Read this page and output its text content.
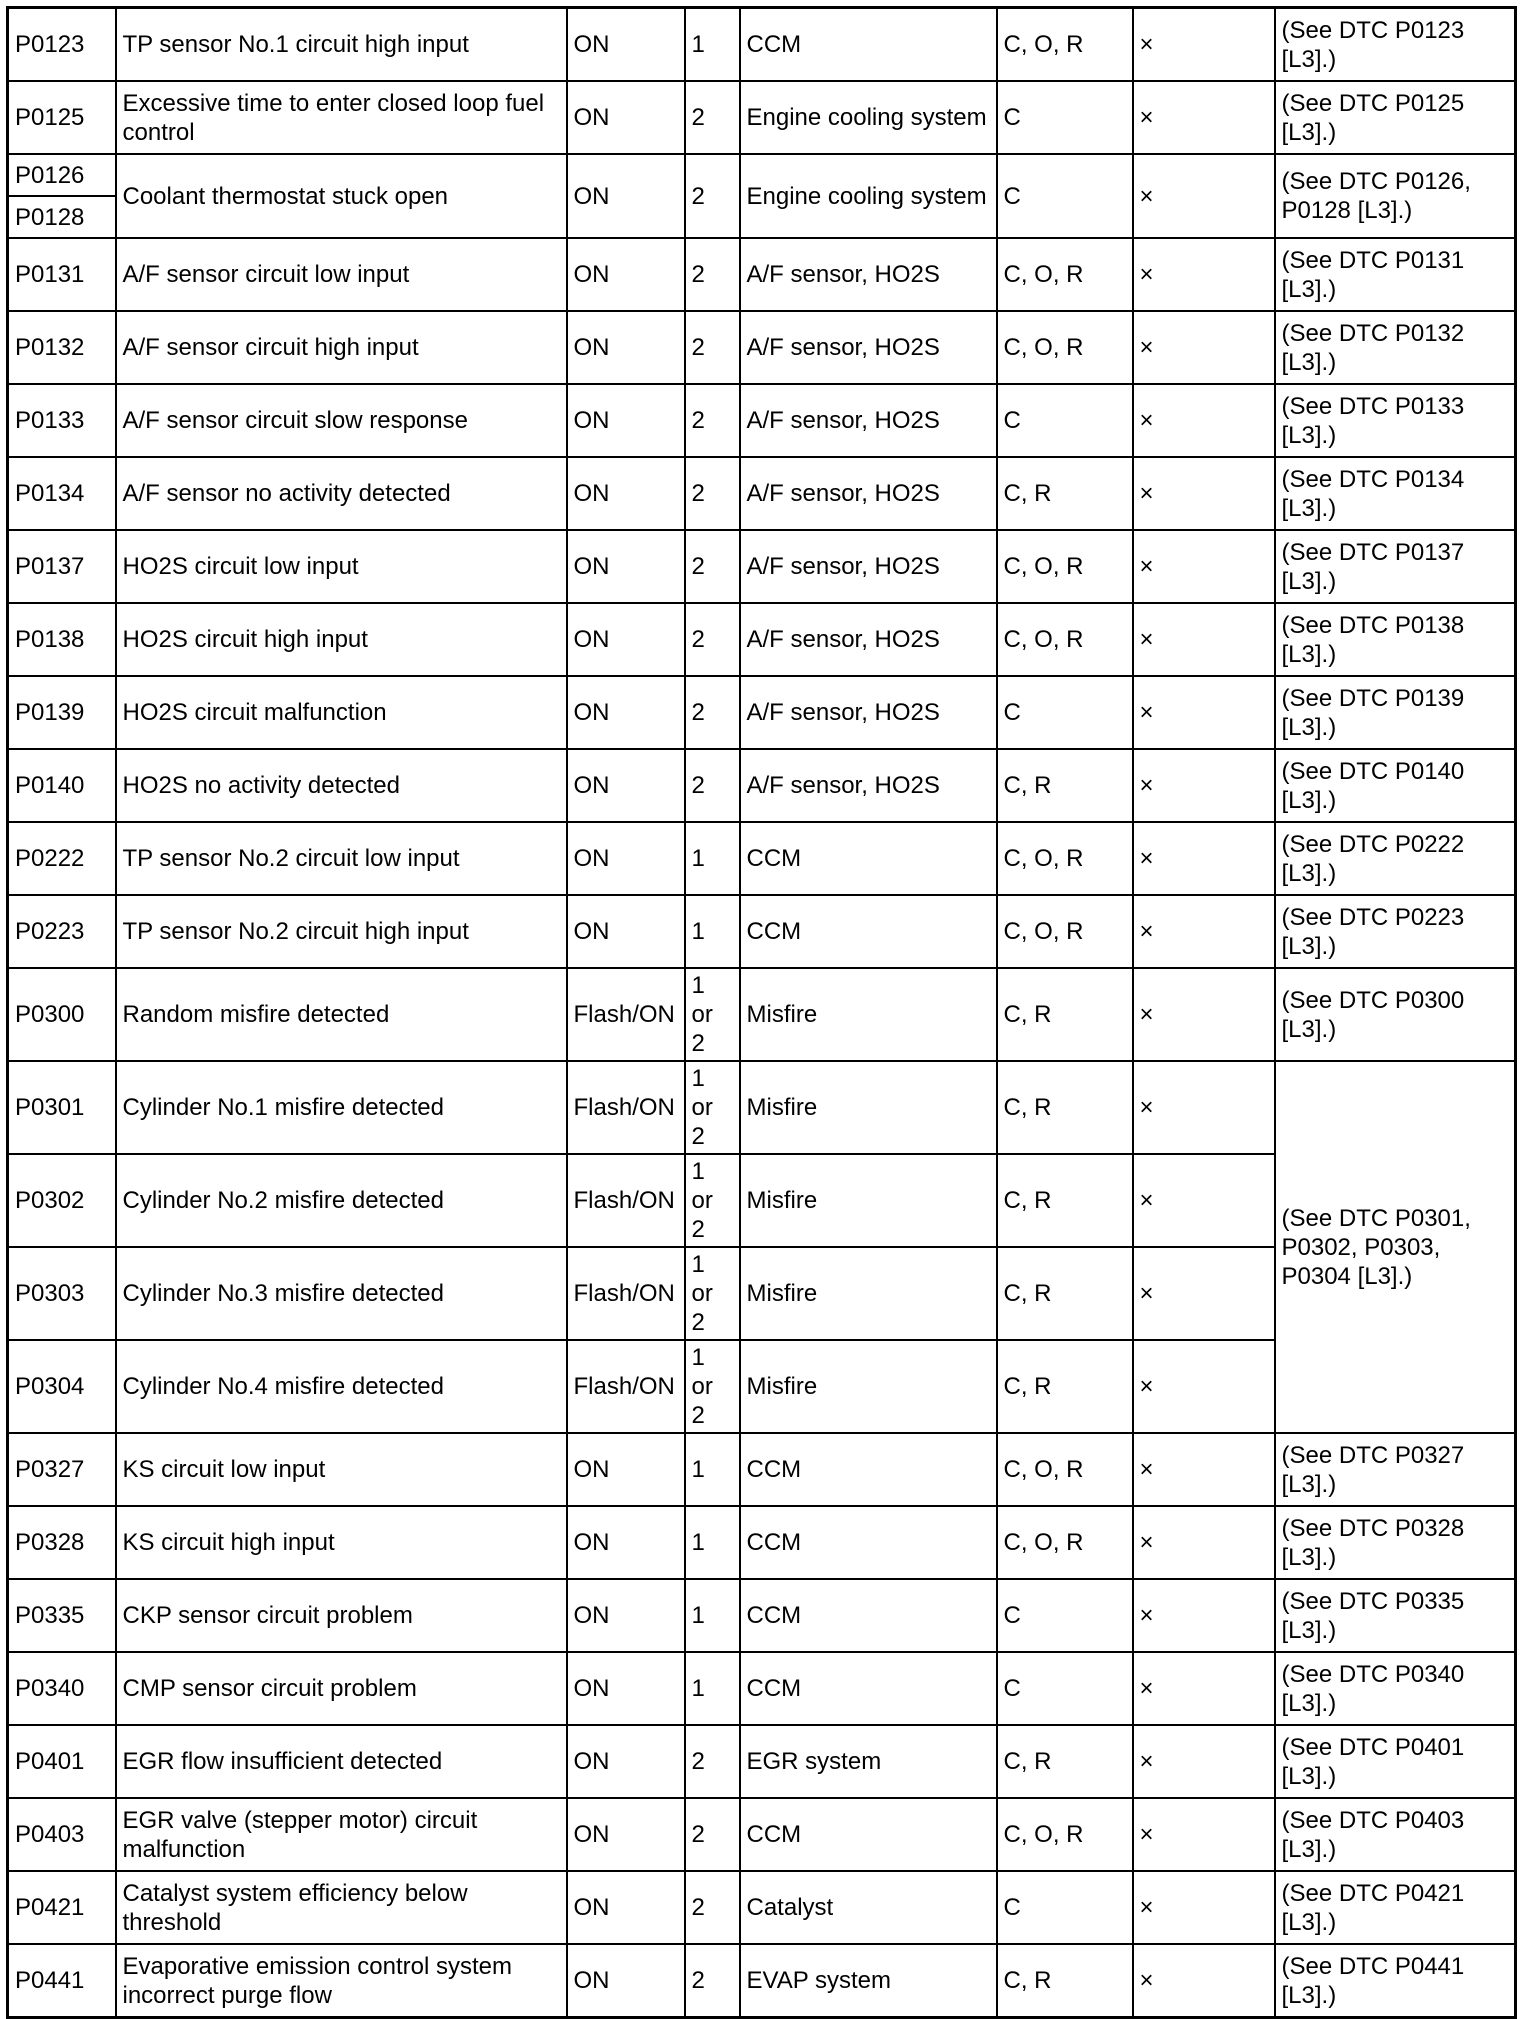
P0123	TP sensor No.1 circuit high input	ON	1	CCM	C, O, R	×	(See DTC P0123 [L3].)
P0125	Excessive time to enter closed loop fuel control	ON	2	Engine cooling system	C	×	(See DTC P0125 [L3].)
P0126	Coolant thermostat stuck open	ON	2	Engine cooling system	C	×	(See DTC P0126, P0128 [L3].)
P0128							
P0131	A/F sensor circuit low input	ON	2	A/F sensor, HO2S	C, O, R	×	(See DTC P0131 [L3].)
P0132	A/F sensor circuit high input	ON	2	A/F sensor, HO2S	C, O, R	×	(See DTC P0132 [L3].)
P0133	A/F sensor circuit slow response	ON	2	A/F sensor, HO2S	C	×	(See DTC P0133 [L3].)
P0134	A/F sensor no activity detected	ON	2	A/F sensor, HO2S	C, R	×	(See DTC P0134 [L3].)
P0137	HO2S circuit low input	ON	2	A/F sensor, HO2S	C, O, R	×	(See DTC P0137 [L3].)
P0138	HO2S circuit high input	ON	2	A/F sensor, HO2S	C, O, R	×	(See DTC P0138 [L3].)
P0139	HO2S circuit malfunction	ON	2	A/F sensor, HO2S	C	×	(See DTC P0139 [L3].)
P0140	HO2S no activity detected	ON	2	A/F sensor, HO2S	C, R	×	(See DTC P0140 [L3].)
P0222	TP sensor No.2 circuit low input	ON	1	CCM	C, O, R	×	(See DTC P0222 [L3].)
P0223	TP sensor No.2 circuit high input	ON	1	CCM	C, O, R	×	(See DTC P0223 [L3].)
P0300	Random misfire detected	Flash/ON	1 or 2	Misfire	C, R	×	(See DTC P0300 [L3].)
P0301	Cylinder No.1 misfire detected	Flash/ON	1 or 2	Misfire	C, R	×	(See DTC P0301, P0302, P0303, P0304 [L3].)
P0302	Cylinder No.2 misfire detected	Flash/ON	1 or 2	Misfire	C, R	×	
P0303	Cylinder No.3 misfire detected	Flash/ON	1 or 2	Misfire	C, R	×	
P0304	Cylinder No.4 misfire detected	Flash/ON	1 or 2	Misfire	C, R	×	
P0327	KS circuit low input	ON	1	CCM	C, O, R	×	(See DTC P0327 [L3].)
P0328	KS circuit high input	ON	1	CCM	C, O, R	×	(See DTC P0328 [L3].)
P0335	CKP sensor circuit problem	ON	1	CCM	C	×	(See DTC P0335 [L3].)
P0340	CMP sensor circuit problem	ON	1	CCM	C	×	(See DTC P0340 [L3].)
P0401	EGR flow insufficient detected	ON	2	EGR system	C, R	×	(See DTC P0401 [L3].)
P0403	EGR valve (stepper motor) circuit malfunction	ON	2	CCM	C, O, R	×	(See DTC P0403 [L3].)
P0421	Catalyst system efficiency below threshold	ON	2	Catalyst	C	×	(See DTC P0421 [L3].)
P0441	Evaporative emission control system incorrect purge flow	ON	2	EVAP system	C, R	×	(See DTC P0441 [L3].)
